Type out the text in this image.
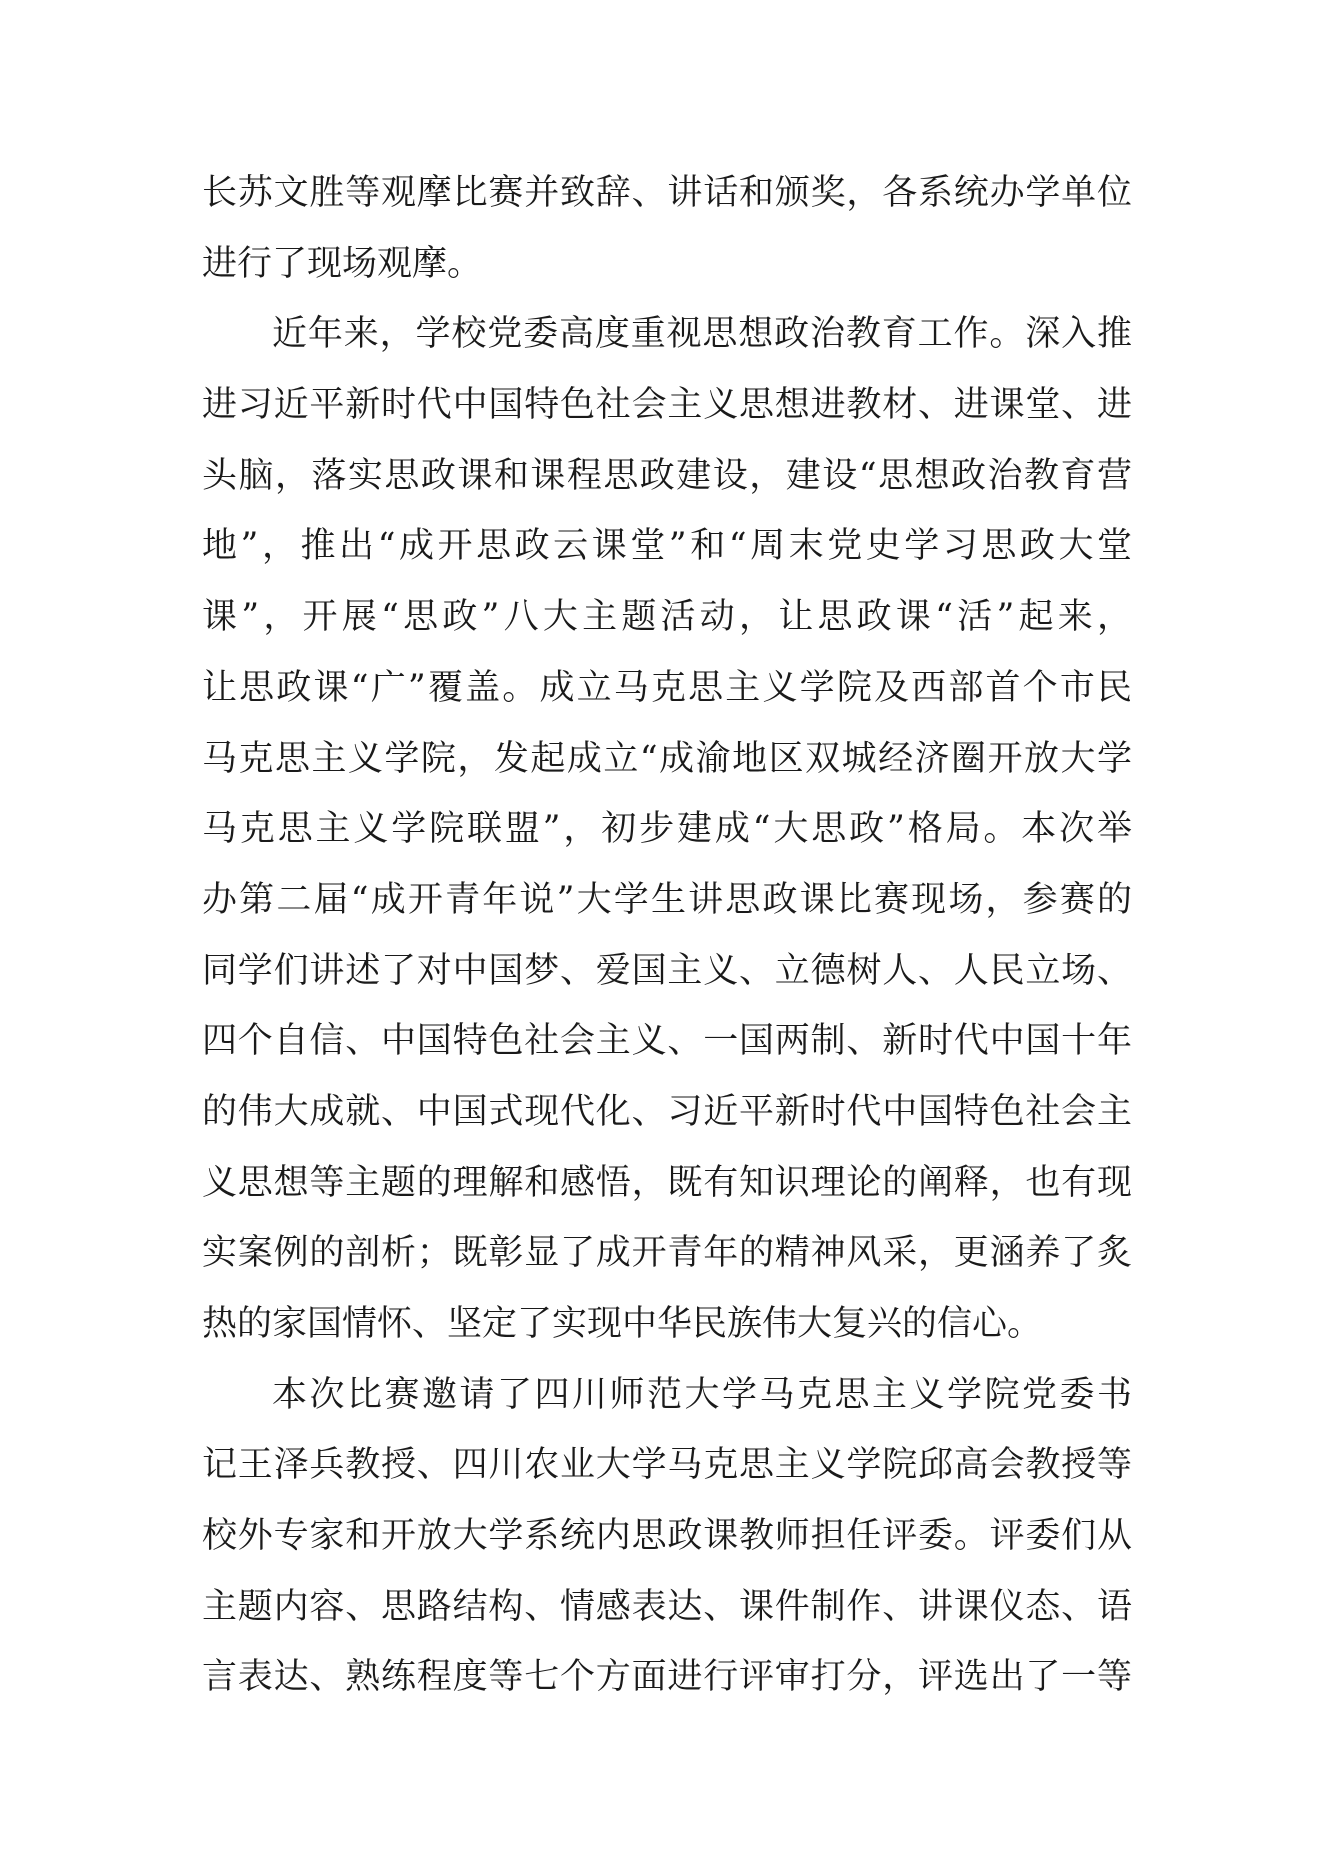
长苏文胜等观摩比赛并致辞、讲话和颁奖，各系统办学单位
进行了现场观摩。
近年来，学校党委高度重视思想政治教育工作。深入推
进习近平新时代中国特色社会主义思想进教材、进课堂、进
头脑，落实思政课和课程思政建设，建设“思想政治教育营
地”，推出“成开思政云课堂”和“周末党史学习思政大堂
课”，开展“思政”八大主题活动，让思政课“活”起来，
让思政课“广”覆盖。成立马克思主义学院及西部首个市民
马克思主义学院，发起成立“成渝地区双城经济圈开放大学
马克思主义学院联盟”，初步建成“大思政”格局。本次举
办第二届“成开青年说”大学生讲思政课比赛现场，参赛的
同学们讲述了对中国梦、爱国主义、立德树人、人民立场、
四个自信、中国特色社会主义、一国两制、新时代中国十年
的伟大成就、中国式现代化、习近平新时代中国特色社会主
义思想等主题的理解和感悟，既有知识理论的阐释，也有现
实案例的剖析；既彰显了成开青年的精神风采，更涵养了炙
热的家国情怀、坚定了实现中华民族伟大复兴的信心。
本次比赛邀请了四川师范大学马克思主义学院党委书
记王泽兵教授、四川农业大学马克思主义学院邱高会教授等
校外专家和开放大学系统内思政课教师担任评委。评委们从
主题内容、思路结构、情感表达、课件制作、讲课仪态、语
言表达、熟练程度等七个方面进行评审打分，评选出了一等
